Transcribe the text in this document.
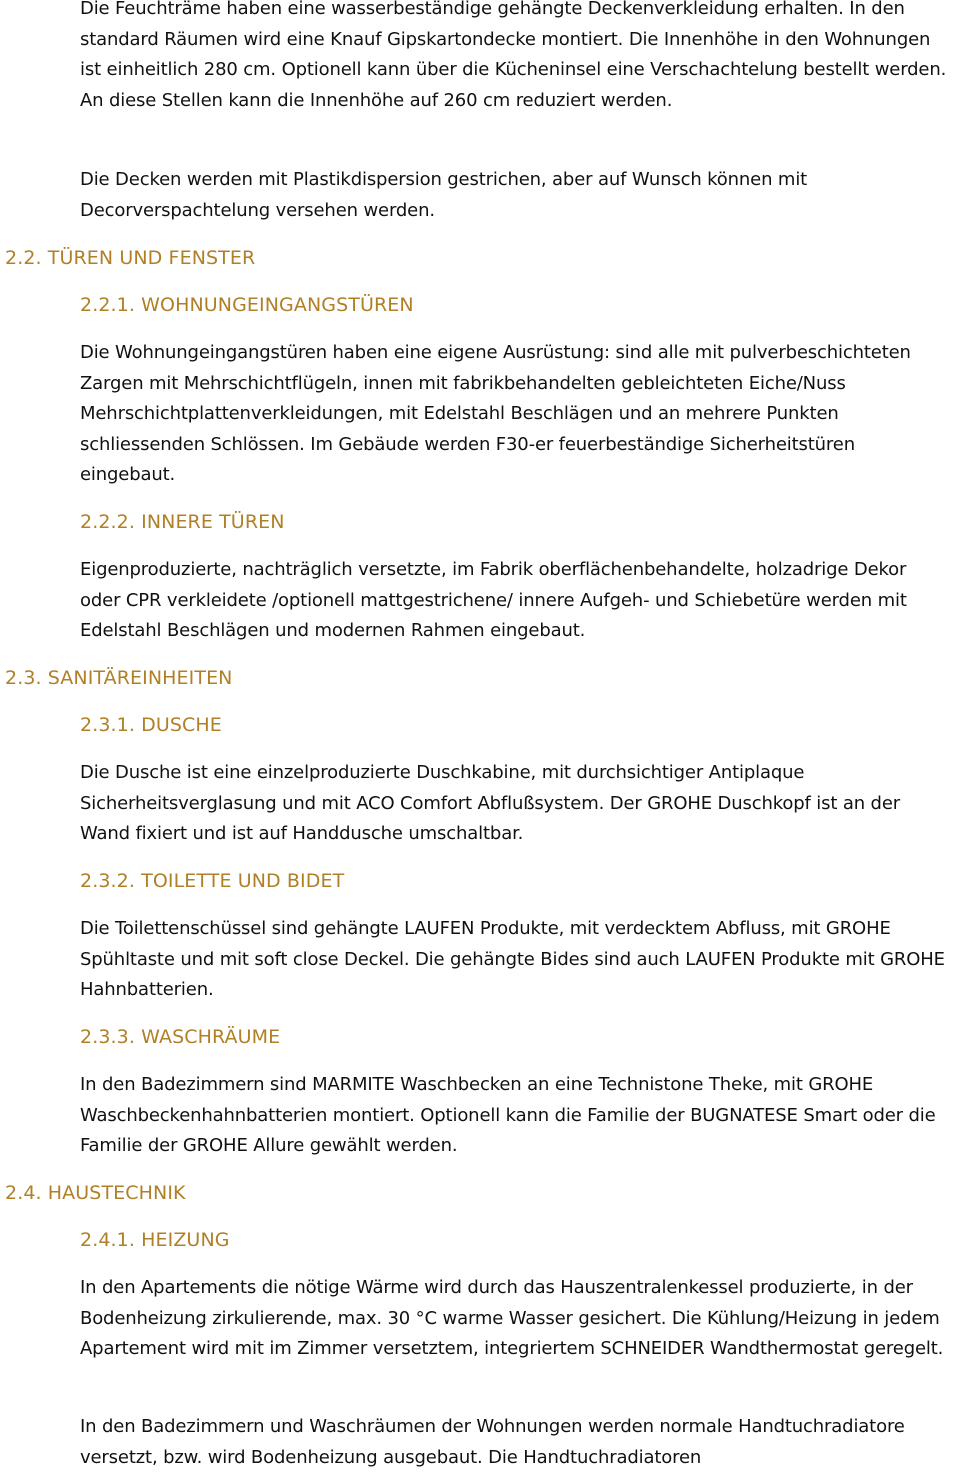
Die Feuchträme haben eine wasserbeständige gehängte Deckenverkleidung erhalten. In den standard Räumen wird eine Knauf Gipskartondecke montiert. Die Innenhöhe in den Wohnungen ist einheitlich 280 cm. Optionell kann über die Kücheninsel eine Verschachtelung bestellt werden. An diese Stellen kann die Innenhöhe auf 260 cm reduziert werden.

Die Decken werden mit Plastikdispersion gestrichen, aber auf Wunsch können mit Decorverspachtelung versehen werden.

2.2. TÜREN UND FENSTER
2.2.1. WOHNUNGEINGANGSTÜREN

Die Wohnungeingangstüren haben eine eigene Ausrüstung: sind alle mit pulverbeschichteten Zargen mit Mehrschichtflügeln, innen mit fabrikbehandelten gebleichteten Eiche/Nuss Mehrschichtplattenverkleidungen, mit Edelstahl Beschlägen und an mehrere Punkten schliessenden Schlössen. Im Gebäude werden F30-er feuerbeständige Sicherheitstüren eingebaut.

2.2.2. INNERE TÜREN

Eigenproduzierte, nachträglich versetzte, im Fabrik oberflächenbehandelte, holzadrige Dekor oder CPR verkleidete /optionell mattgestrichene/ innere Aufgeh- und Schiebetüre werden mit Edelstahl Beschlägen und modernen Rahmen eingebaut.

2.3. SANITÄREINHEITEN
2.3.1. DUSCHE

Die Dusche ist eine einzelproduzierte Duschkabine, mit durchsichtiger Antiplaque Sicherheitsverglasung und mit ACO Comfort Abflußsystem. Der GROHE Duschkopf ist an der Wand fixiert und ist auf Handdusche umschaltbar.

2.3.2. TOILETTE UND BIDET

Die Toilettenschüssel sind gehängte LAUFEN Produkte, mit verdecktem Abfluss, mit GROHE Spühltaste und mit soft close Deckel. Die gehängte Bides sind auch LAUFEN Produkte mit GROHE Hahnbatterien.

2.3.3. WASCHRÄUME

In den Badezimmern sind MARMITE Waschbecken an eine Technistone Theke, mit GROHE Waschbeckenhahnbatterien montiert. Optionell kann die Familie der BUGNATESE Smart oder die Familie der GROHE Allure gewählt werden.

2.4. HAUSTECHNIK
2.4.1. HEIZUNG

In den Apartements die nötige Wärme wird durch das Hauszentralenkessel produzierte, in der Bodenheizung zirkulierende, max. 30 °C warme Wasser gesichert. Die Kühlung/Heizung in jedem Apartement wird mit im Zimmer versetztem, integriertem SCHNEIDER Wandthermostat geregelt.

In den Badezimmern und Waschräumen der Wohnungen werden normale Handtuchradiatore versetzt, bzw. wird Bodenheizung ausgebaut. Die Handtuchradiatoren
